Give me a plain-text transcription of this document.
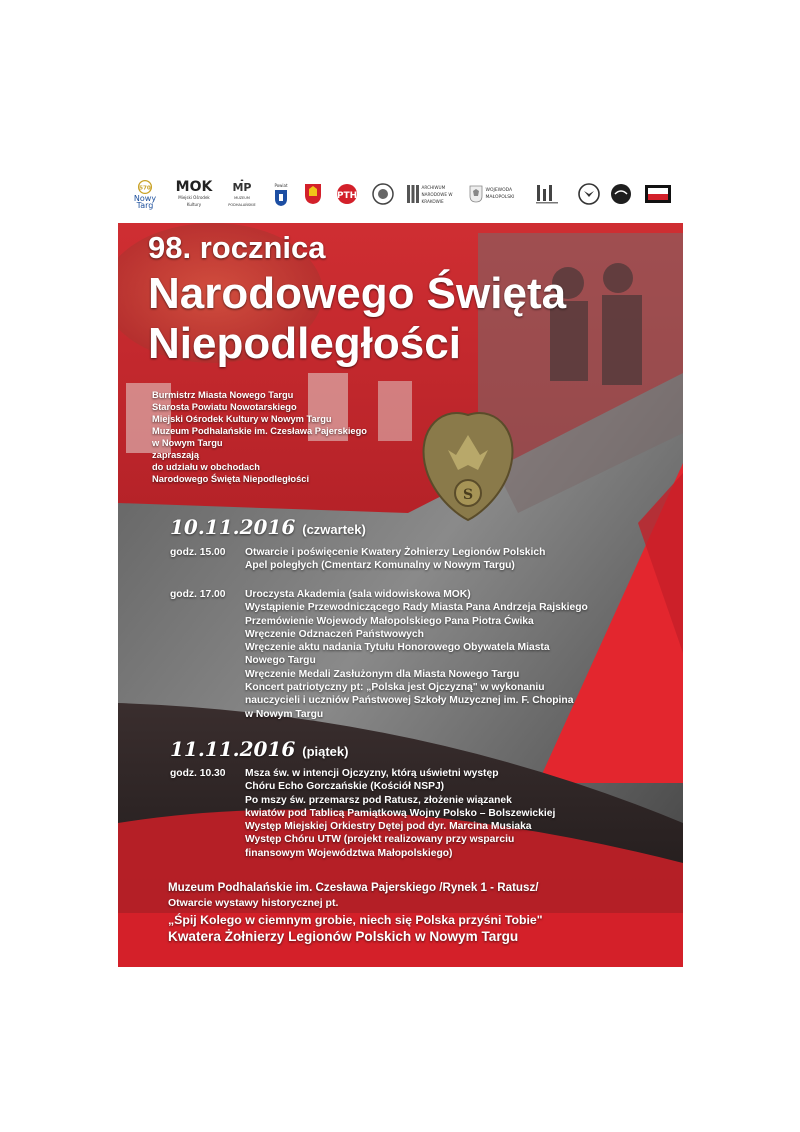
570
Nowy Targ
MOK
Miejski Ośrodek Kultury
MP
MUZEUM PODHALAŃSKIE
Powiat
PTH
ARCHIWUM NARODOWE W KRAKOWIE
WOJEWODA MAŁOPOLSKI
S
98. rocznica
Narodowego Święta
Niepodległości
Burmistrz Miasta Nowego Targu
Starosta Powiatu Nowotarskiego
Miejski Ośrodek Kultury w Nowym Targu
Muzeum Podhalańskie im. Czesława Pajerskiego
w Nowym Targu
zapraszają
do udziału w obchodach
Narodowego Święta Niepodległości
10.11.2016 (czwartek)
godz. 15.00 Otwarcie i poświęcenie Kwatery Żołnierzy Legionów Polskich
Apel poległych (Cmentarz Komunalny w Nowym Targu)
godz. 17.00 Uroczysta Akademia (sala widowiskowa MOK)
Wystąpienie Przewodniczącego Rady Miasta Pana Andrzeja Rajskiego
Przemówienie Wojewody Małopolskiego Pana Piotra Ćwika
Wręczenie Odznaczeń Państwowych
Wręczenie aktu nadania Tytułu Honorowego Obywatela Miasta
Nowego Targu
Wręczenie Medali Zasłużonym dla Miasta Nowego Targu
Koncert patriotyczny pt: „Polska jest Ojczyzną" w wykonaniu
nauczycieli i uczniów Państwowej Szkoły Muzycznej im. F. Chopina
w Nowym Targu
11.11.2016 (piątek)
godz. 10.30 Msza św. w intencji Ojczyzny, którą uświetni występ
Chóru Echo Gorczańskie (Kościół NSPJ)
Po mszy św. przemarsz pod Ratusz, złożenie wiązanek
kwiatów pod Tablicą Pamiątkową Wojny Polsko – Bolszewickiej
Występ Miejskiej Orkiestry Dętej pod dyr. Marcina Musiaka
Występ Chóru UTW (projekt realizowany przy wsparciu
finansowym Województwa Małopolskiego)
Muzeum Podhalańskie im. Czesława Pajerskiego /Rynek 1 - Ratusz/
Otwarcie wystawy historycznej pt.
„Śpij Kolego w ciemnym grobie, niech się Polska przyśni Tobie"
Kwatera Żołnierzy Legionów Polskich w Nowym Targu
